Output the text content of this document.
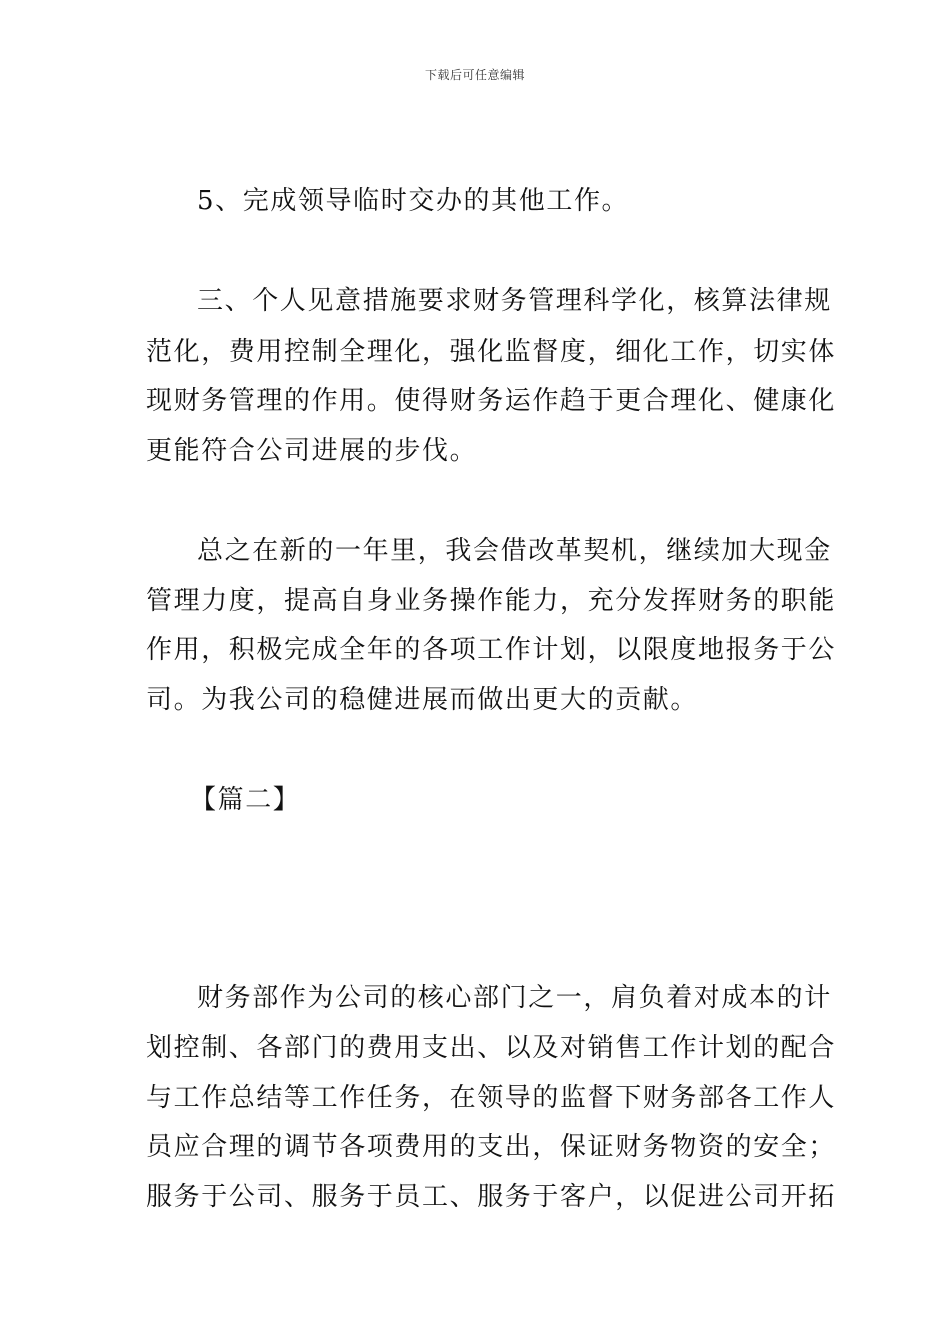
下载后可任意编辑
5、完成领导临时交办的其他工作。
三、个人见意措施要求财务管理科学化，核算法律规
范化，费用控制全理化，强化监督度，细化工作，切实体
现财务管理的作用。使得财务运作趋于更合理化、健康化
更能符合公司进展的步伐。
总之在新的一年里，我会借改革契机，继续加大现金
管理力度，提高自身业务操作能力，充分发挥财务的职能
作用，积极完成全年的各项工作计划，以限度地报务于公
司。为我公司的稳健进展而做出更大的贡献。
【篇二】
财务部作为公司的核心部门之一，肩负着对成本的计
划控制、各部门的费用支出、以及对销售工作计划的配合
与工作总结等工作任务，在领导的监督下财务部各工作人
员应合理的调节各项费用的支出，保证财务物资的安全；
服务于公司、服务于员工、服务于客户，以促进公司开拓
